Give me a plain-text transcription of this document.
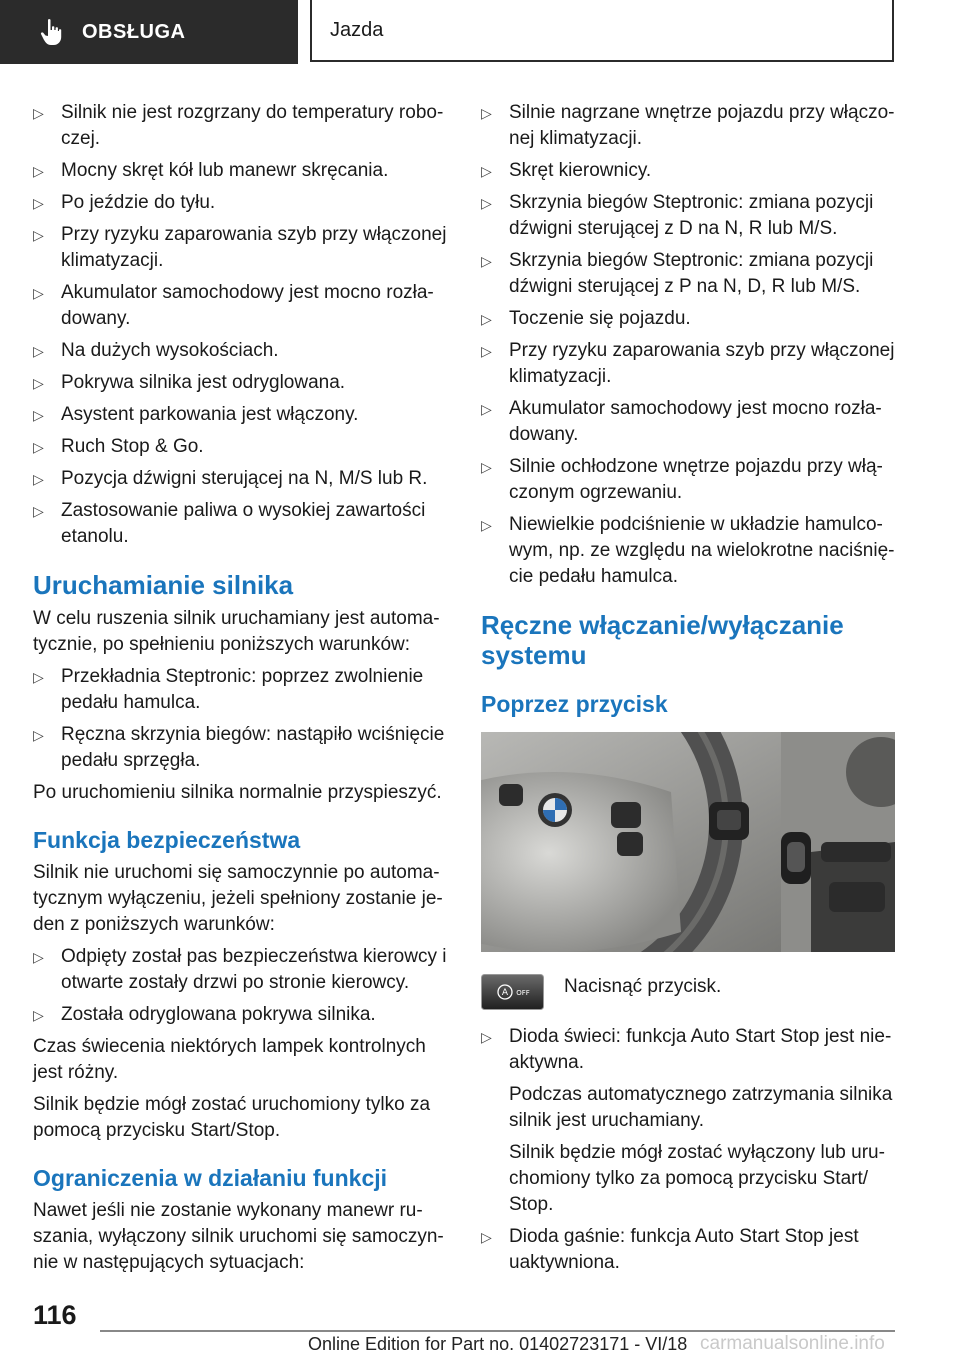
OBSŁUGA	Jazda
▷ Silnik nie jest rozgrzany do temperatury robo- czej.
▷ Mocny skręt kół lub manewr skręcania.
▷ Po jeździe do tyłu.
▷ Przy ryzyku zaparowania szyb przy włączonej klimatyzacji.
▷ Akumulator samochodowy jest mocno rozła- dowany.
▷ Na dużych wysokościach.
▷ Pokrywa silnika jest odryglowana.
▷ Asystent parkowania jest włączony.
▷ Ruch Stop & Go.
▷ Pozycja dźwigni sterującej na N, M/S lub R.
▷ Zastosowanie paliwa o wysokiej zawartości etanolu.
Uruchamianie silnika

W celu ruszenia silnik uruchamiany jest automa- tycznie, po spełnieniu poniższych warunków:

▷ Przekładnia Steptronic: poprzez zwolnienie pedału hamulca.
▷ Ręczna skrzynia biegów: nastąpiło wciśnięcie pedału sprzęgła.

Po uruchomieniu silnika normalnie przyspieszyć.

Funkcja bezpieczeństwa

Silnik nie uruchomi się samoczynnie po automa- tycznym wyłączeniu, jeżeli spełniony zostanie je- den z poniższych warunków:

▷ Odpięty został pas bezpieczeństwa kierowcy i otwarte zostały drzwi po stronie kierowcy.
▷ Została odryglowana pokrywa silnika.

Czas świecenia niektórych lampek kontrolnych jest różny.

Silnik będzie mógł zostać uruchomiony tylko za pomocą przycisku Start/Stop.

Ograniczenia w działaniu funkcji

Nawet jeśli nie zostanie wykonany manewr ru- szania, wyłączony silnik uruchomi się samoczyn- nie w następujących sytuacjach:

▷ Silnie nagrzane wnętrze pojazdu przy włączo- nej klimatyzacji.
▷ Skręt kierownicy.
▷ Skrzynia biegów Steptronic: zmiana pozycji dźwigni sterującej z D na N, R lub M/S.
▷ Skrzynia biegów Steptronic: zmiana pozycji dźwigni sterującej z P na N, D, R lub M/S.
▷ Toczenie się pojazdu.
▷ Przy ryzyku zaparowania szyb przy włączonej klimatyzacji.
▷ Akumulator samochodowy jest mocno rozła- dowany.
▷ Silnie ochłodzone wnętrze pojazdu przy włą- czonym ogrzewaniu.
▷ Niewielkie podciśnienie w układzie hamulco- wym, np. ze względu na wielokrotne naciśnię- cie pedału hamulca.
Ręczne włączanie/wyłączanie systemu
Poprzez przycisk
A OFF Nacisnąć przycisk.
▷ Dioda świeci: funkcja Auto Start Stop jest nie- aktywna.

Podczas automatycznego zatrzymania silnika silnik jest uruchamiany.

Silnik będzie mógł zostać wyłączony lub uru- chomiony tylko za pomocą przycisku Start/ Stop.

▷ Dioda gaśnie: funkcja Auto Start Stop jest uaktywniona.
116
Online Edition for Part no. 01402723171 - VI/18 carmanualsonline.info
